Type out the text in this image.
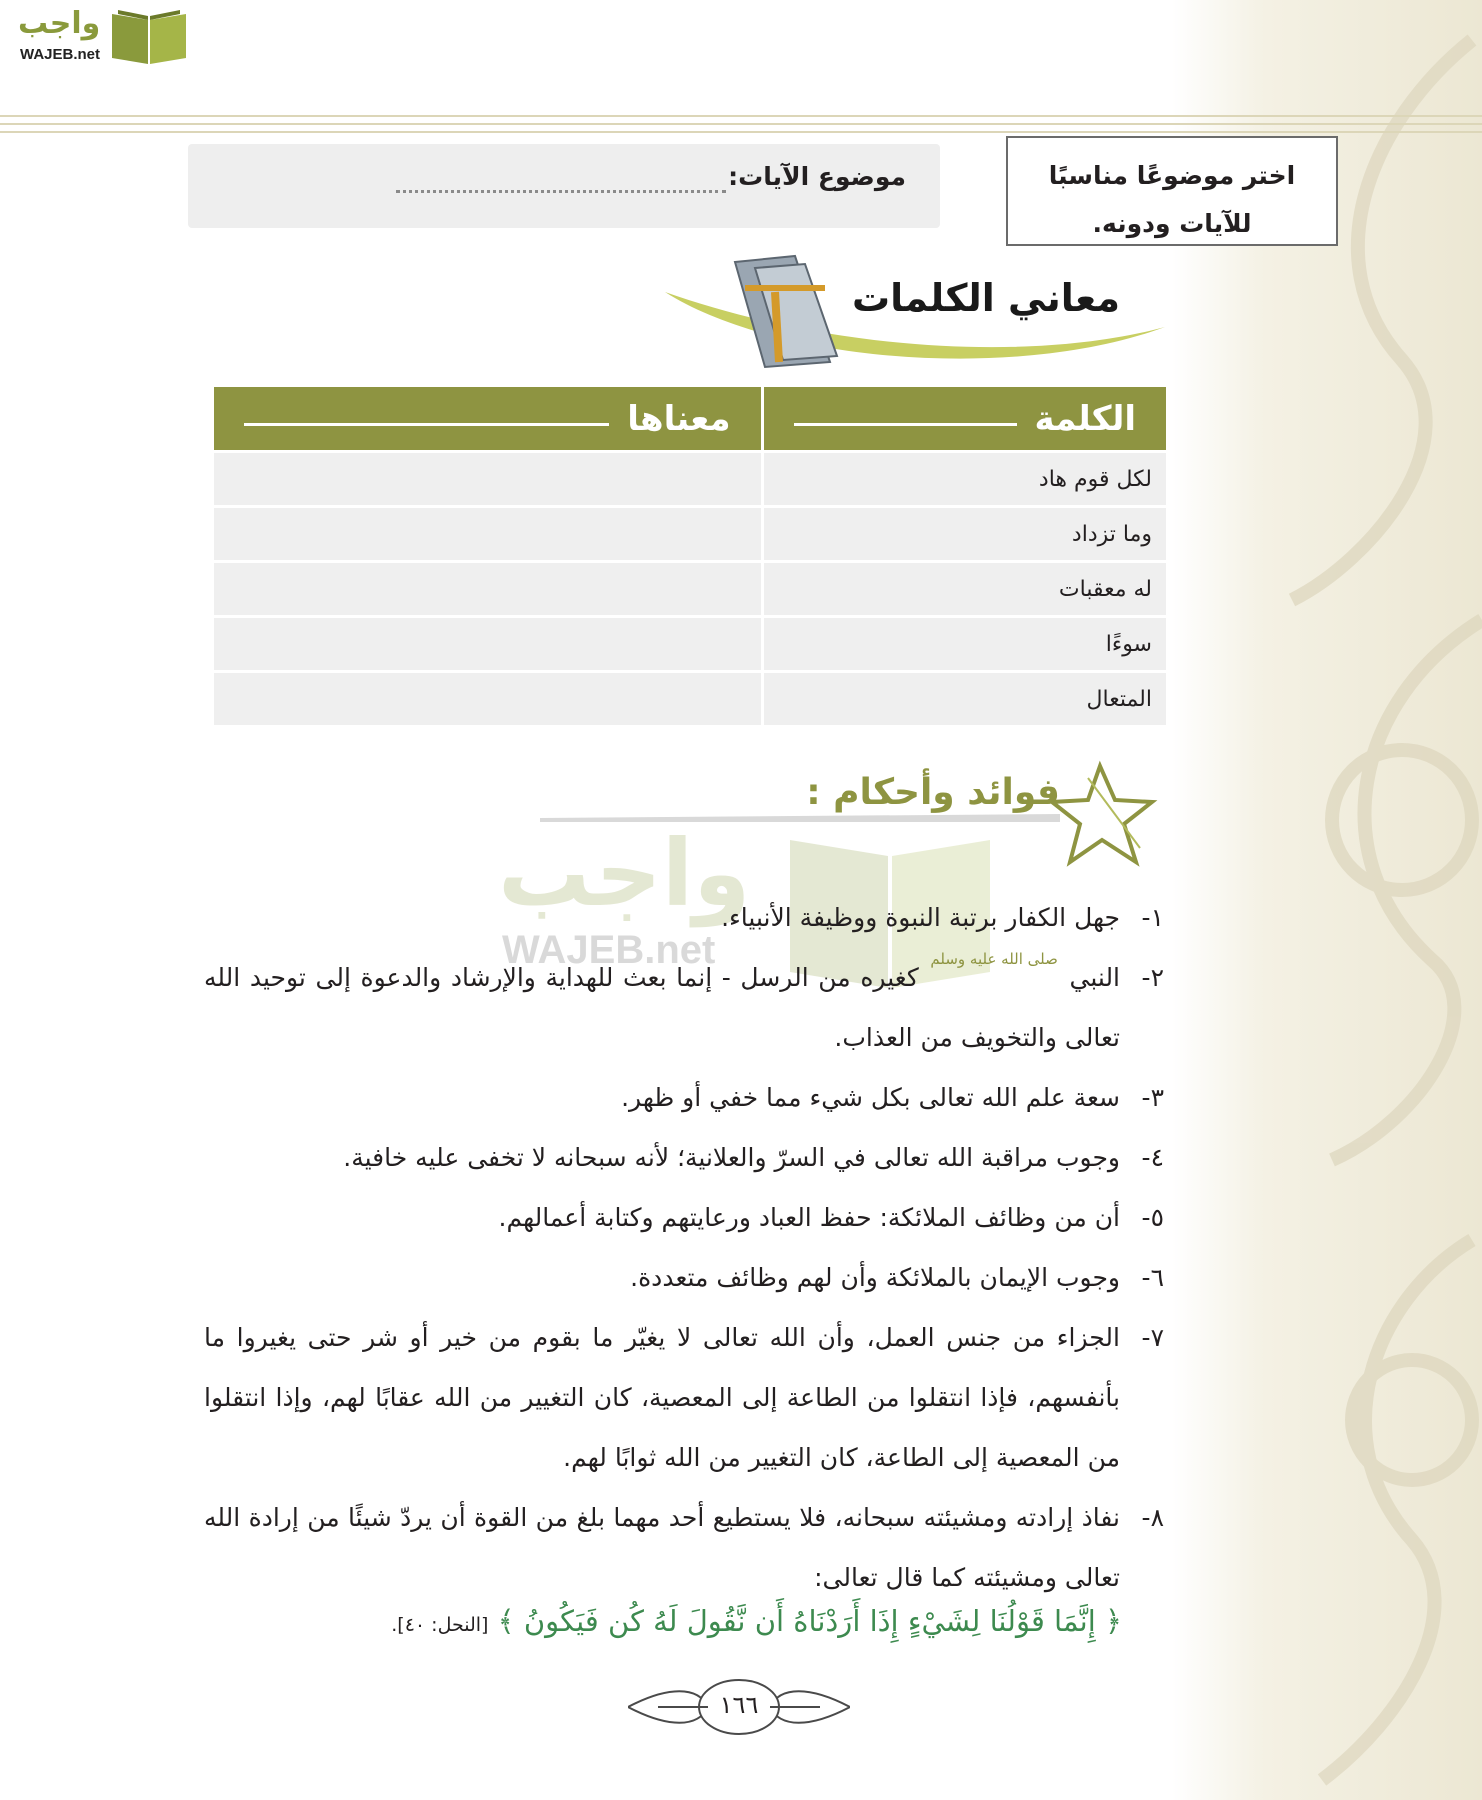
واجب
WAJEB.net
اختر موضوعًا مناسبًا
للآيات ودونه.
موضوع الآيات:
معاني الكلمات
الكلمة	معناها

لكل قوم هاد	
وما تزداد	
له معقبات	
سوءًا	
المتعال	
فوائد وأحكام :
واجب
WAJEB.net
١-
جهل الكفار برتبة النبوة ووظيفة الأنبياء.
٢-
النبي صلى الله عليه وسلم كغيره من الرسل - إنما بعث للهداية والإرشاد والدعوة إلى توحيد الله تعالى والتخويف من العذاب.
٣-
سعة علم الله تعالى بكل شيء مما خفي أو ظهر.
٤-
وجوب مراقبة الله تعالى في السرّ والعلانية؛ لأنه سبحانه لا تخفى عليه خافية.
٥-
أن من وظائف الملائكة: حفظ العباد ورعايتهم وكتابة أعمالهم.
٦-
وجوب الإيمان بالملائكة وأن لهم وظائف متعددة.
٧-
الجزاء من جنس العمل، وأن الله تعالى لا يغيّر ما بقوم من خير أو شر حتى يغيروا ما بأنفسهم، فإذا انتقلوا من الطاعة إلى المعصية، كان التغيير من الله عقابًا لهم، وإذا انتقلوا من المعصية إلى الطاعة، كان التغيير من الله ثوابًا لهم.
٨-
نفاذ إرادته ومشيئته سبحانه، فلا يستطيع أحد مهما بلغ من القوة أن يردّ شيئًا من إرادة الله تعالى ومشيئته كما قال تعالى:
﴿ إِنَّمَا قَوْلُنَا لِشَيْءٍ إِذَا أَرَدْنَاهُ أَن نَّقُولَ لَهُ كُن فَيَكُونُ ﴾ [النحل: ٤٠].
١٦٦
